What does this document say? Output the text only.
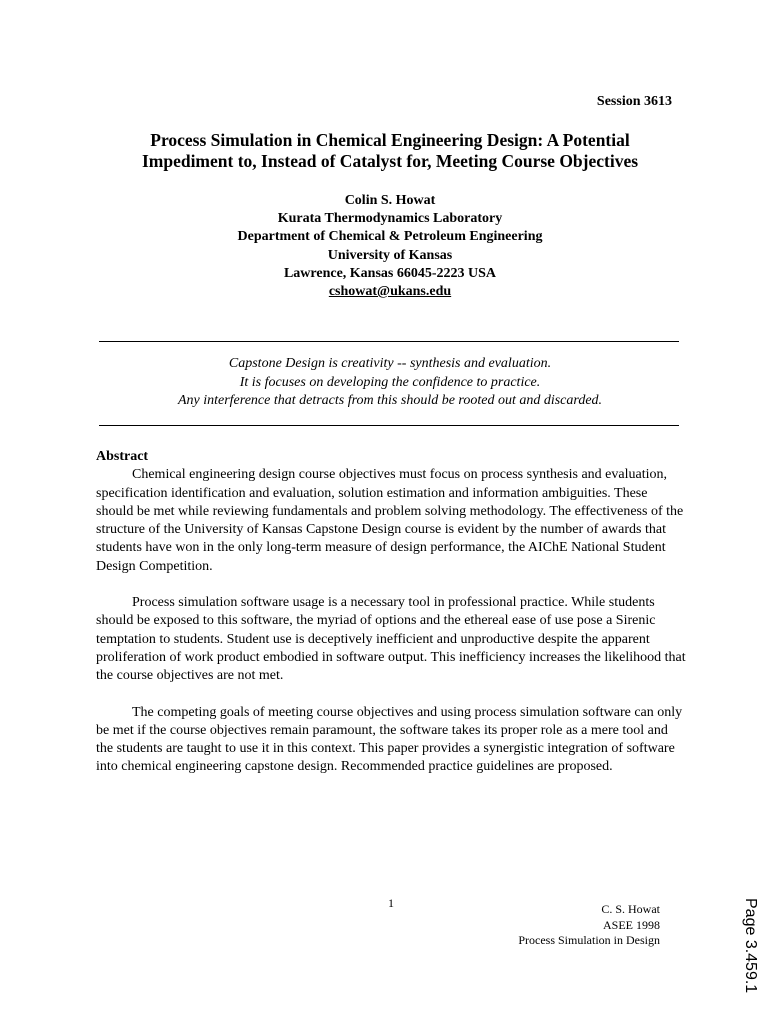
Session 3613
Process Simulation in Chemical Engineering Design: A Potential
Impediment to, Instead of Catalyst for, Meeting Course Objectives
Colin S. Howat
Kurata Thermodynamics Laboratory
Department of Chemical & Petroleum Engineering
University of Kansas
Lawrence, Kansas 66045-2223 USA
cshowat@ukans.edu
Capstone Design is creativity -- synthesis and evaluation.
It is focuses on developing the confidence to practice.
Any interference that detracts from this should be rooted out and discarded.
Abstract

Chemical engineering design course objectives must focus on process synthesis and evaluation, specification identification and evaluation, solution estimation and information ambiguities. These should be met while reviewing fundamentals and problem solving methodology. The effectiveness of the structure of the University of Kansas Capstone Design course is evident by the number of awards that students have won in the only long-term measure of design performance, the AIChE National Student Design Competition.

Process simulation software usage is a necessary tool in professional practice. While students should be exposed to this software, the myriad of options and the ethereal ease of use pose a Sirenic temptation to students. Student use is deceptively inefficient and unproductive despite the apparent proliferation of work product embodied in software output. This inefficiency increases the likelihood that the course objectives are not met.

The competing goals of meeting course objectives and using process simulation software can only be met if the course objectives remain paramount, the software takes its proper role as a mere tool and the students are taught to use it in this context. This paper provides a synergistic integration of software into chemical engineering capstone design. Recommended practice guidelines are proposed.

1	C. S. Howat
ASEE 1998
Process Simulation in Design	Page 3.459.1
